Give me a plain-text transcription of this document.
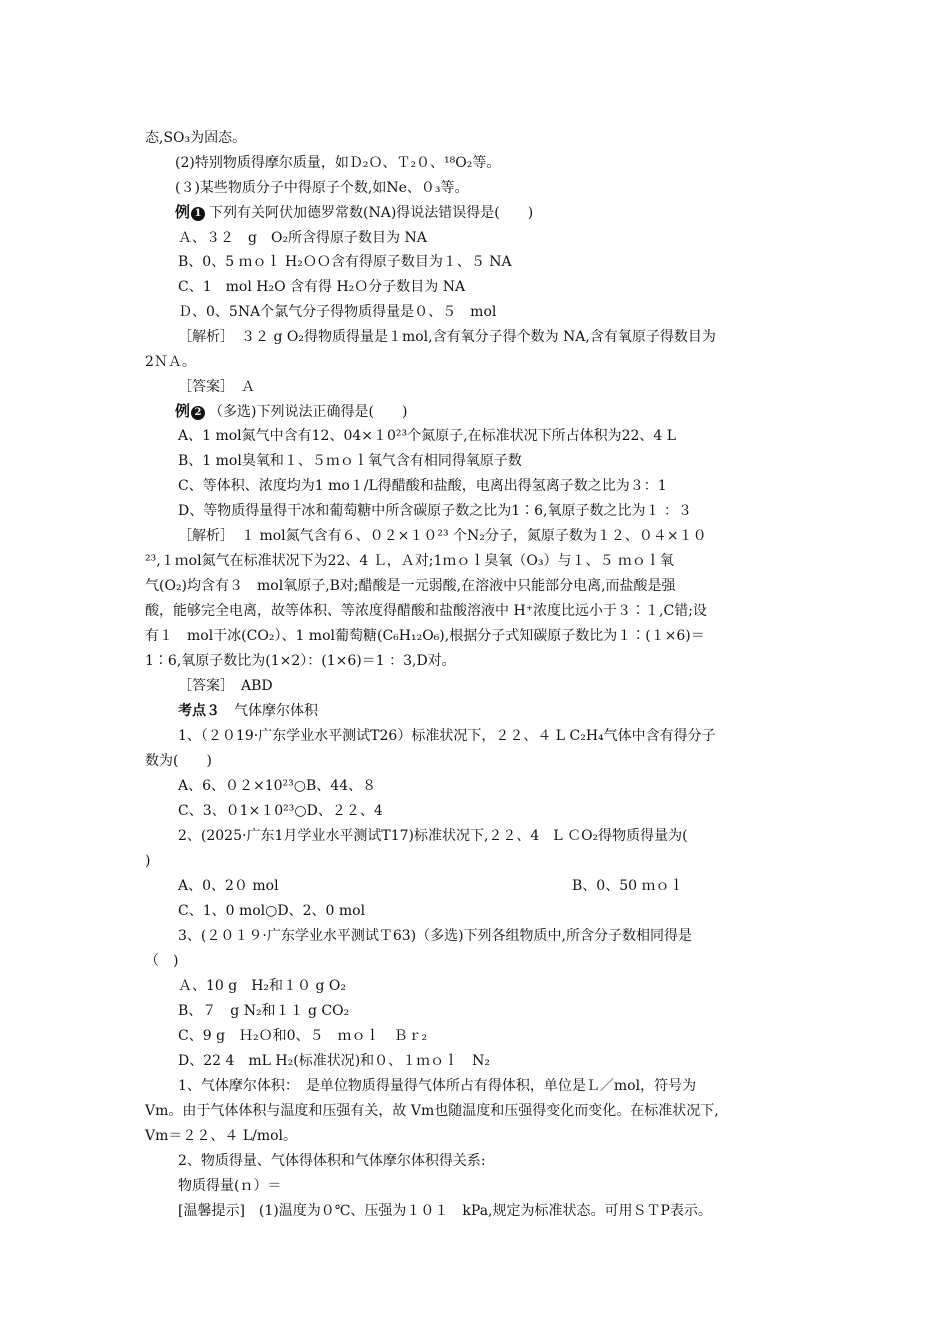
态,SO₃为固态。
(2)特别物质得摩尔质量，如Ｄ₂Ｏ、Ｔ₂０、¹⁸O₂等。
(３)某些物质分子中得原子个数,如Ne、０₃等。
例 1 下列有关阿伏加德罗常数(NA)得说法错误得是(　　)
Ａ、３２　g　O₂所含得原子数目为 NA
B、0、5 ｍｏｌ H₂ＯＯ含有得原子数目为１、５ NA
C、1　mol H₂O 含有得 H₂Ｏ分子数目为 NA
Ｄ、0、5NA个氯气分子得物质得量是０、５　mol
［解析］　３２ g O₂得物质得量是１mol,含有氧分子得个数为 NA,含有氧原子得数目为
2ＮＡ。
［答案］　Ａ
例 2 （多选)下列说法正确得是(　　)
A、1 mol氮气中含有12、04×１0²³个氮原子,在标准状况下所占体积为22、4 L
B、1 mol臭氧和１、５ｍｏｌ氧气含有相同得氧原子数
C、等体积、浓度均为1 mo１/L得醋酸和盐酸，电离出得氢离子数之比为３：1
D、等物质得量得干冰和葡萄糖中所含碳原子数之比为1∶6,氧原子数之比为１ ：３
［解析］　１ mol氮气含有６、０２×１０²³ 个N₂分子，氮原子数为１２、０４×１０
²³,１ｍol氮气在标准状况下为22、4 Ｌ，Ａ对;1ｍｏｌ臭氧（O₃）与１、５ ｍｏｌ氧
气(O₂)均含有３　mol氧原子,B对;醋酸是一元弱酸,在溶液中只能部分电离,而盐酸是强
酸，能够完全电离，故等体积、等浓度得醋酸和盐酸溶液中 H⁺浓度比远小于３∶１,C错;设
有１　mol干冰(CO₂）、1 mol葡萄糖(C₆H₁₂O₆),根据分子式知碳原子数比为１∶(１×6)＝
1∶6,氧原子数比为(1×2）：(1×6)＝1 ：3,D对。
［答案］　ABD
考点３　 气体摩尔体积
1、（２０19·广东学业水平测试T26）标准状况下，２２、４ L C₂H₄气体中含有得分子
数为(　　)
A、6、０２×10²³○B、44、８
C、3、０1×１0²³○D、２２、4
2、(2025·广东1月学业水平测试T17)标准状况下,２２、4　L ＣO₂得物质得量为(
)
A、0、2０ mol	B、0、50 ｍｏｌ
C、1、0 mol○D、2、0 mol
3、(２０１９·广东学业水平测试Ｔ63)（多选)下列各组物质中,所含分子数相同得是
（　)
Ａ、10 g　H₂和１０ g O₂
B、７　g N₂和１１ g CO₂
C、9 g　Ｈ₂Ｏ和0、５　ｍｏｌ　Ｂｒ₂
D、22 4　mL H₂(标准状况)和０、１ｍｏｌ　N₂
1、气体摩尔体积：　是单位物质得量得气体所占有得体积，单位是Ｌ／mol，符号为
Vm。由于气体体积与温度和压强有关，故 Vm也随温度和压强得变化而变化。在标准状况下,
Vm＝２２、４ L/mol。
2、物质得量、气体得体积和气体摩尔体积得关系:
物质得量(ｎ）＝
[温馨提示]　(1)温度为０℃、压强为１０１　kPa,规定为标准状态。可用ＳＴP表示。
